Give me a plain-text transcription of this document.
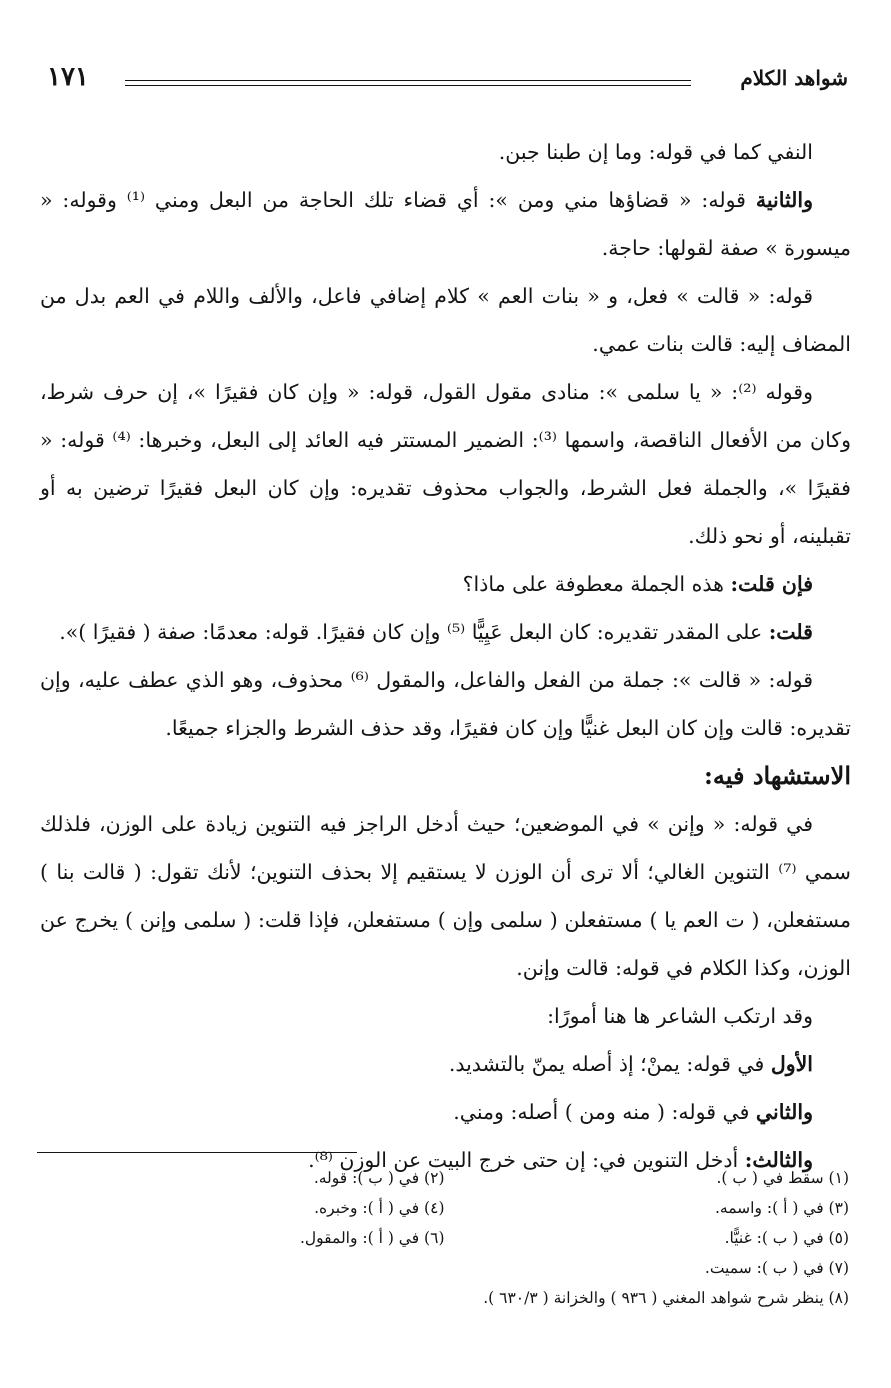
شواهد الكلام
١٧١

النفي كما في قوله: وما إن طبنا جبن.

والثانية قوله: « قضاؤها مني ومن »: أي قضاء تلك الحاجة من البعل ومني ⁽¹⁾ وقوله: « ميسورة » صفة لقولها: حاجة.

قوله: « قالت » فعل، و « بنات العم » كلام إضافي فاعل، والألف واللام في العم بدل من المضاف إليه: قالت بنات عمي.

وقوله ⁽²⁾: « يا سلمى »: منادى مقول القول، قوله: « وإن كان فقيرًا »، إن حرف شرط، وكان من الأفعال الناقصة، واسمها ⁽³⁾: الضمير المستتر فيه العائد إلى البعل، وخبرها: ⁽⁴⁾ قوله: « فقيرًا »، والجملة فعل الشرط، والجواب محذوف تقديره: وإن كان البعل فقيرًا ترضين به أو تقبلينه، أو نحو ذلك.

فإن قلت: هذه الجملة معطوفة على ماذا؟

قلت: على المقدر تقديره: كان البعل عَيِيًّا ⁽⁵⁾ وإن كان فقيرًا. قوله: معدمًا: صفة ( فقيرًا )».

قوله: « قالت »: جملة من الفعل والفاعل، والمقول ⁽⁶⁾ محذوف، وهو الذي عطف عليه، وإن تقديره: قالت وإن كان البعل غنيًّا وإن كان فقيرًا، وقد حذف الشرط والجزاء جميعًا.

الاستشهاد فيه:

في قوله: « وإنن » في الموضعين؛ حيث أدخل الراجز فيه التنوين زيادة على الوزن، فلذلك سمي ⁽⁷⁾ التنوين الغالي؛ ألا ترى أن الوزن لا يستقيم إلا بحذف التنوين؛ لأنك تقول: ( قالت بنا ) مستفعلن، ( ت العم يا ) مستفعلن ( سلمى وإن ) مستفعلن، فإذا قلت: ( سلمى وإنن ) يخرج عن الوزن، وكذا الكلام في قوله: قالت وإنن.

وقد ارتكب الشاعر ها هنا أمورًا:

الأول في قوله: يمنْ؛ إذ أصله يمنّ بالتشديد.

والثاني في قوله: ( منه ومن ) أصله: ومني.

والثالث: أدخل التنوين في: إن حتى خرج البيت عن الوزن ⁽⁸⁾.

(١) سقط في ( ب ).
(٢) في ( ب ): قوله.
(٣) في ( أ ): واسمه.
(٤) في ( أ ): وخبره.
(٥) في ( ب ): غنيًّا.
(٦) في ( أ ): والمقول.
(٧) في ( ب ): سميت.
(٨) ينظر شرح شواهد المغني ( ٩٣٦ ) والخزانة ( ٦٣٠/٣ ).
